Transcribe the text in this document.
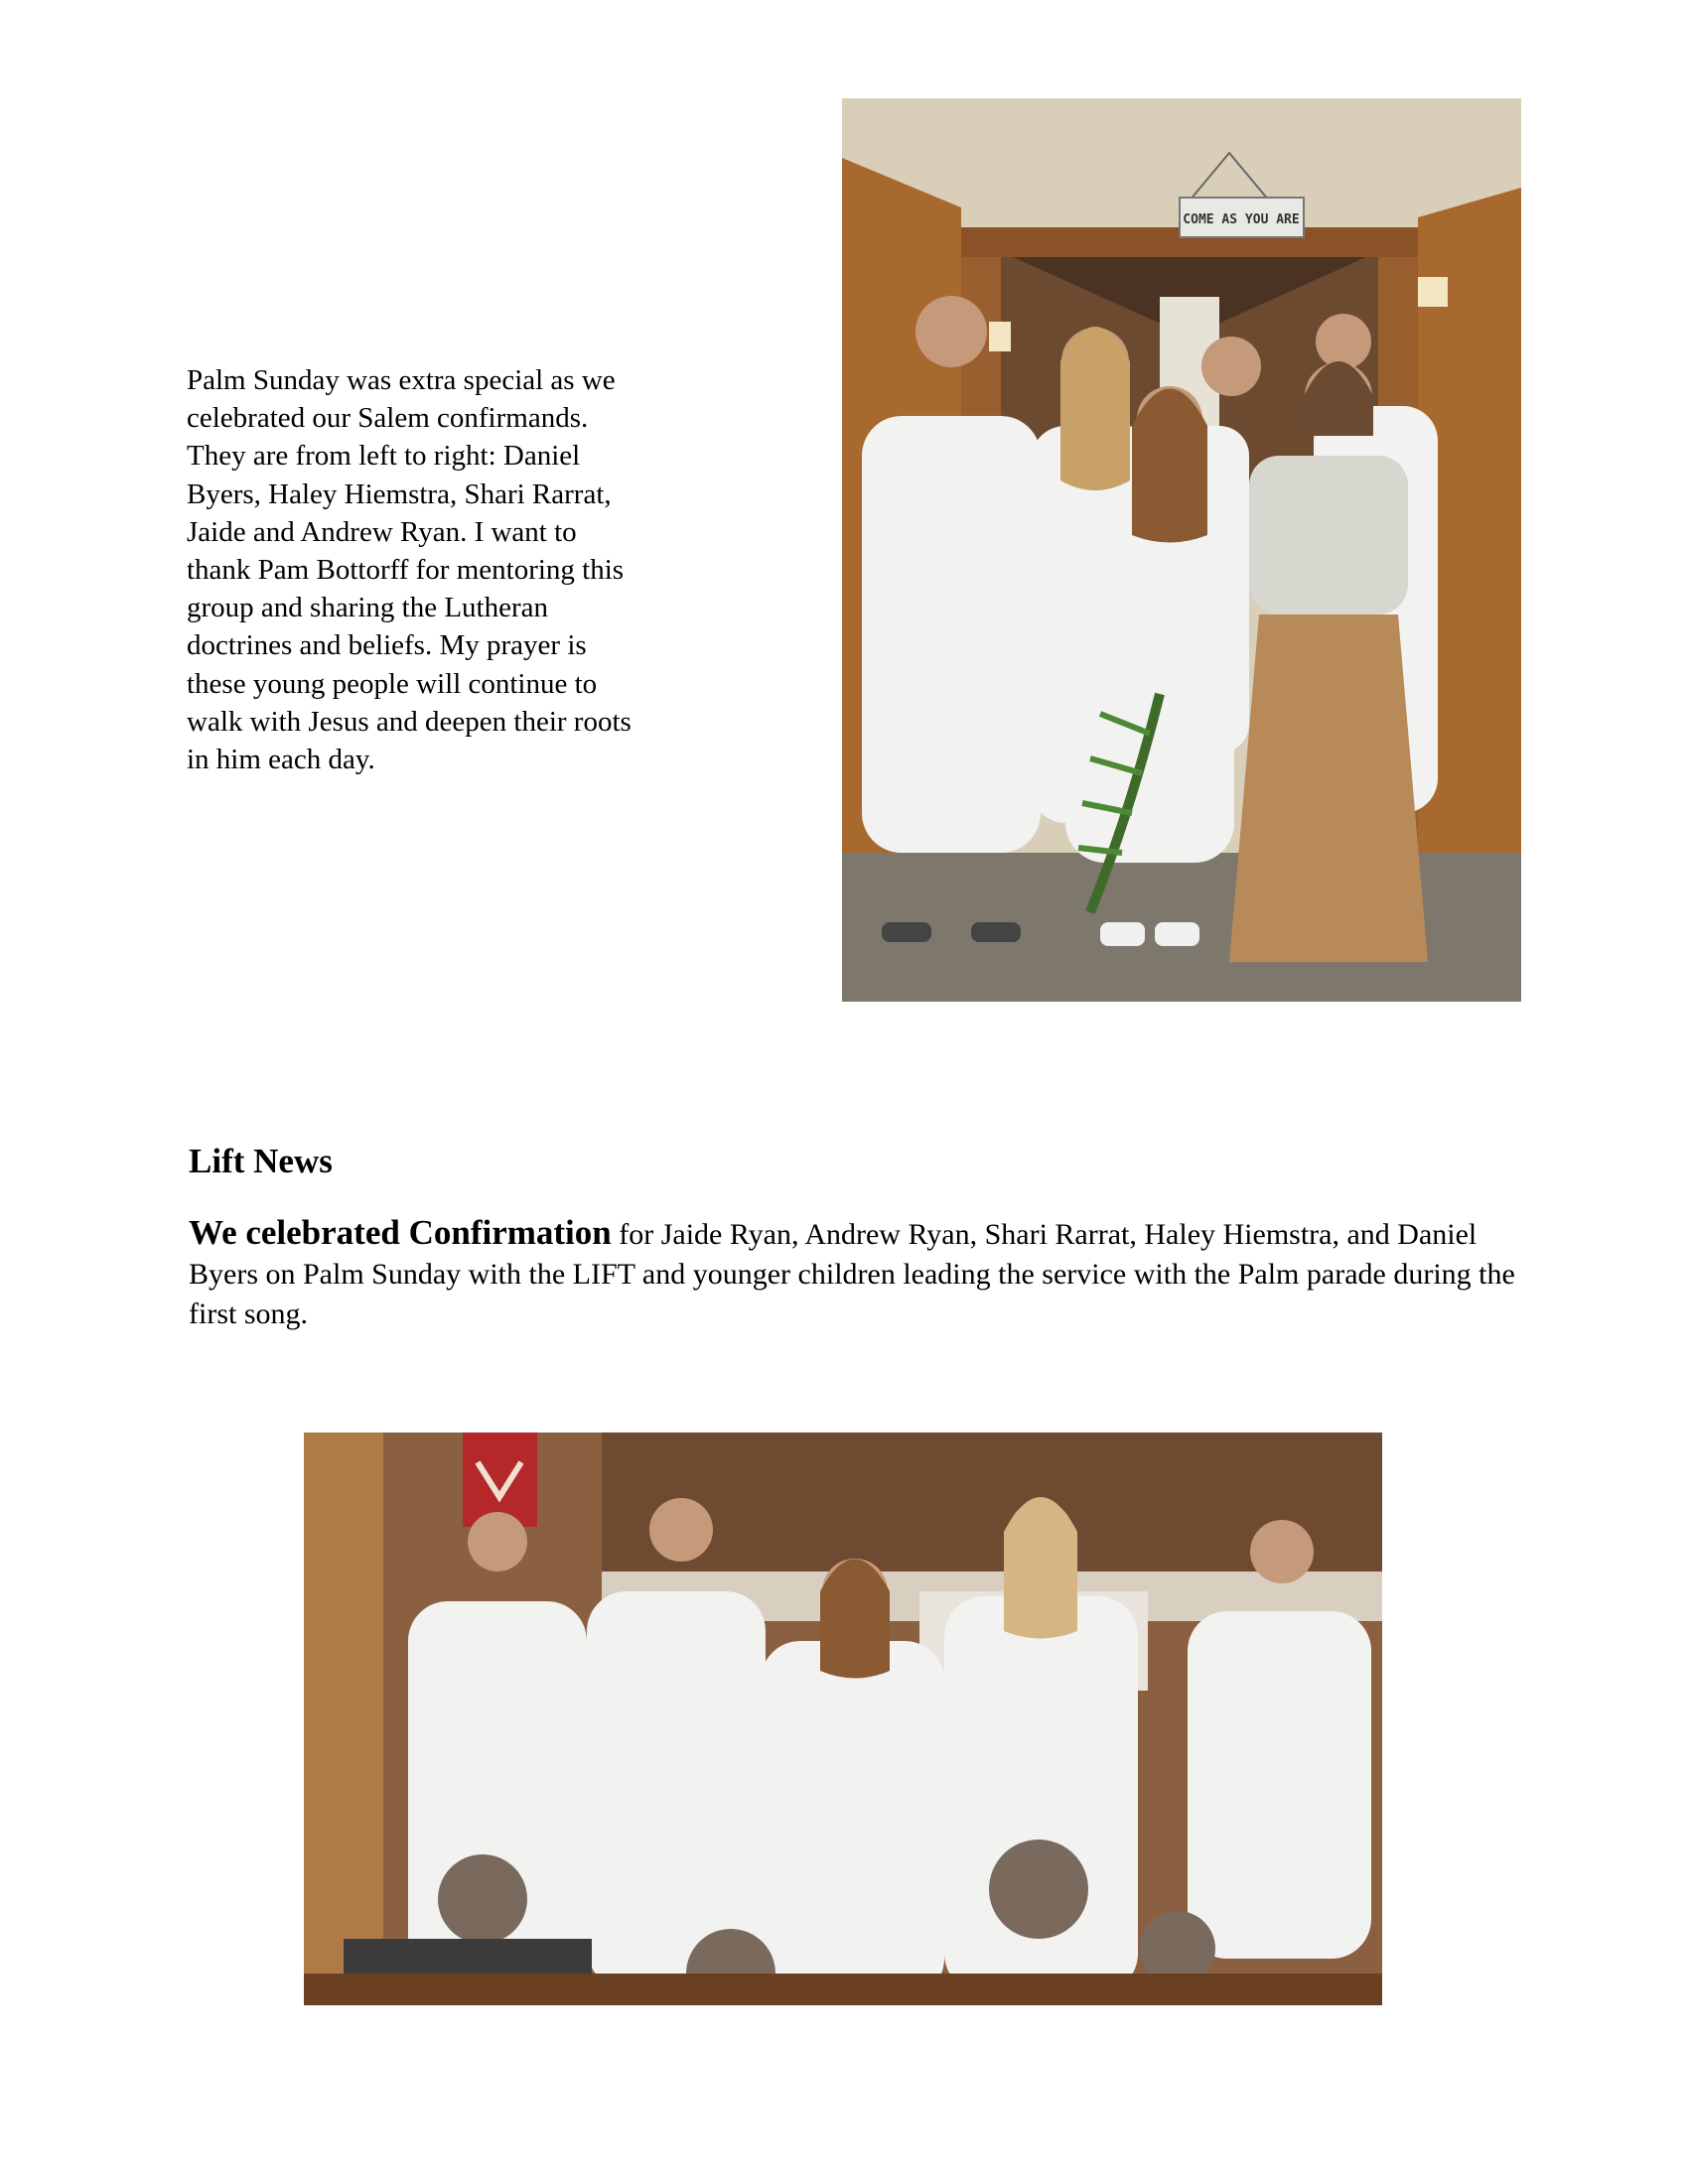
Palm Sunday was extra special as we
celebrated our Salem confirmands.
They are from left to right: Daniel
Byers, Haley Hiemstra, Shari Rarrat,
Jaide and Andrew Ryan. I want to
thank Pam Bottorff for mentoring this
group and sharing the Lutheran
doctrines and beliefs. My prayer is
these young people will continue to
walk with Jesus and deepen their roots
in him each day.

COME AS YOU ARE
Lift News

We celebrated Confirmation for Jaide Ryan, Andrew Ryan, Shari Rarrat, Haley Hiemstra, and Daniel Byers on Palm Sunday with the LIFT and younger children leading the service with the Palm parade during the first song.
